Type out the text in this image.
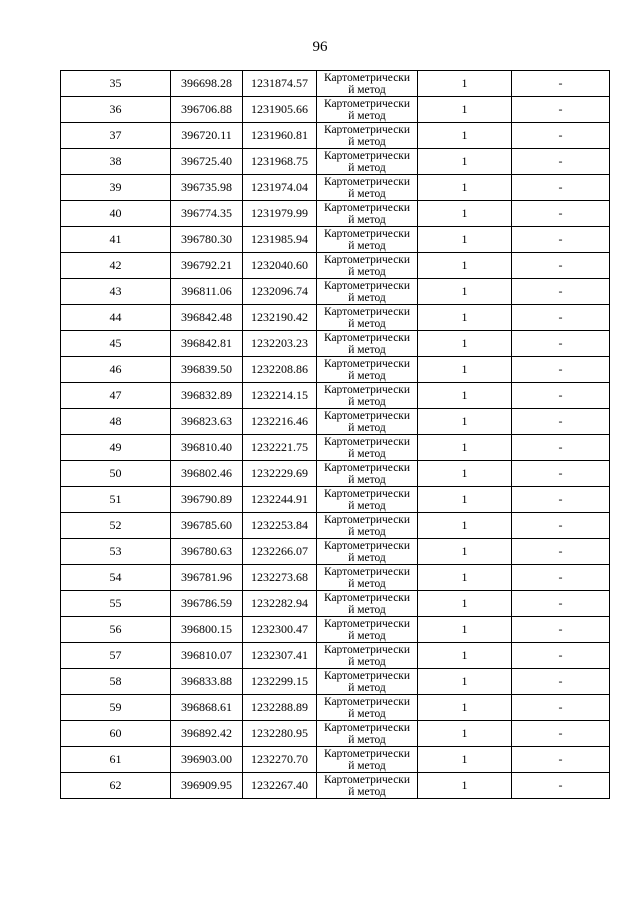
96
35	396698.28	1231874.57	Картометрически
й метод	1	-
36	396706.88	1231905.66	Картометрически
й метод	1	-
37	396720.11	1231960.81	Картометрически
й метод	1	-
38	396725.40	1231968.75	Картометрически
й метод	1	-
39	396735.98	1231974.04	Картометрически
й метод	1	-
40	396774.35	1231979.99	Картометрически
й метод	1	-
41	396780.30	1231985.94	Картометрически
й метод	1	-
42	396792.21	1232040.60	Картометрически
й метод	1	-
43	396811.06	1232096.74	Картометрически
й метод	1	-
44	396842.48	1232190.42	Картометрически
й метод	1	-
45	396842.81	1232203.23	Картометрически
й метод	1	-
46	396839.50	1232208.86	Картометрически
й метод	1	-
47	396832.89	1232214.15	Картометрически
й метод	1	-
48	396823.63	1232216.46	Картометрически
й метод	1	-
49	396810.40	1232221.75	Картометрически
й метод	1	-
50	396802.46	1232229.69	Картометрически
й метод	1	-
51	396790.89	1232244.91	Картометрически
й метод	1	-
52	396785.60	1232253.84	Картометрически
й метод	1	-
53	396780.63	1232266.07	Картометрически
й метод	1	-
54	396781.96	1232273.68	Картометрически
й метод	1	-
55	396786.59	1232282.94	Картометрически
й метод	1	-
56	396800.15	1232300.47	Картометрически
й метод	1	-
57	396810.07	1232307.41	Картометрически
й метод	1	-
58	396833.88	1232299.15	Картометрически
й метод	1	-
59	396868.61	1232288.89	Картометрически
й метод	1	-
60	396892.42	1232280.95	Картометрически
й метод	1	-
61	396903.00	1232270.70	Картометрически
й метод	1	-
62	396909.95	1232267.40	Картометрически
й метод	1	-
